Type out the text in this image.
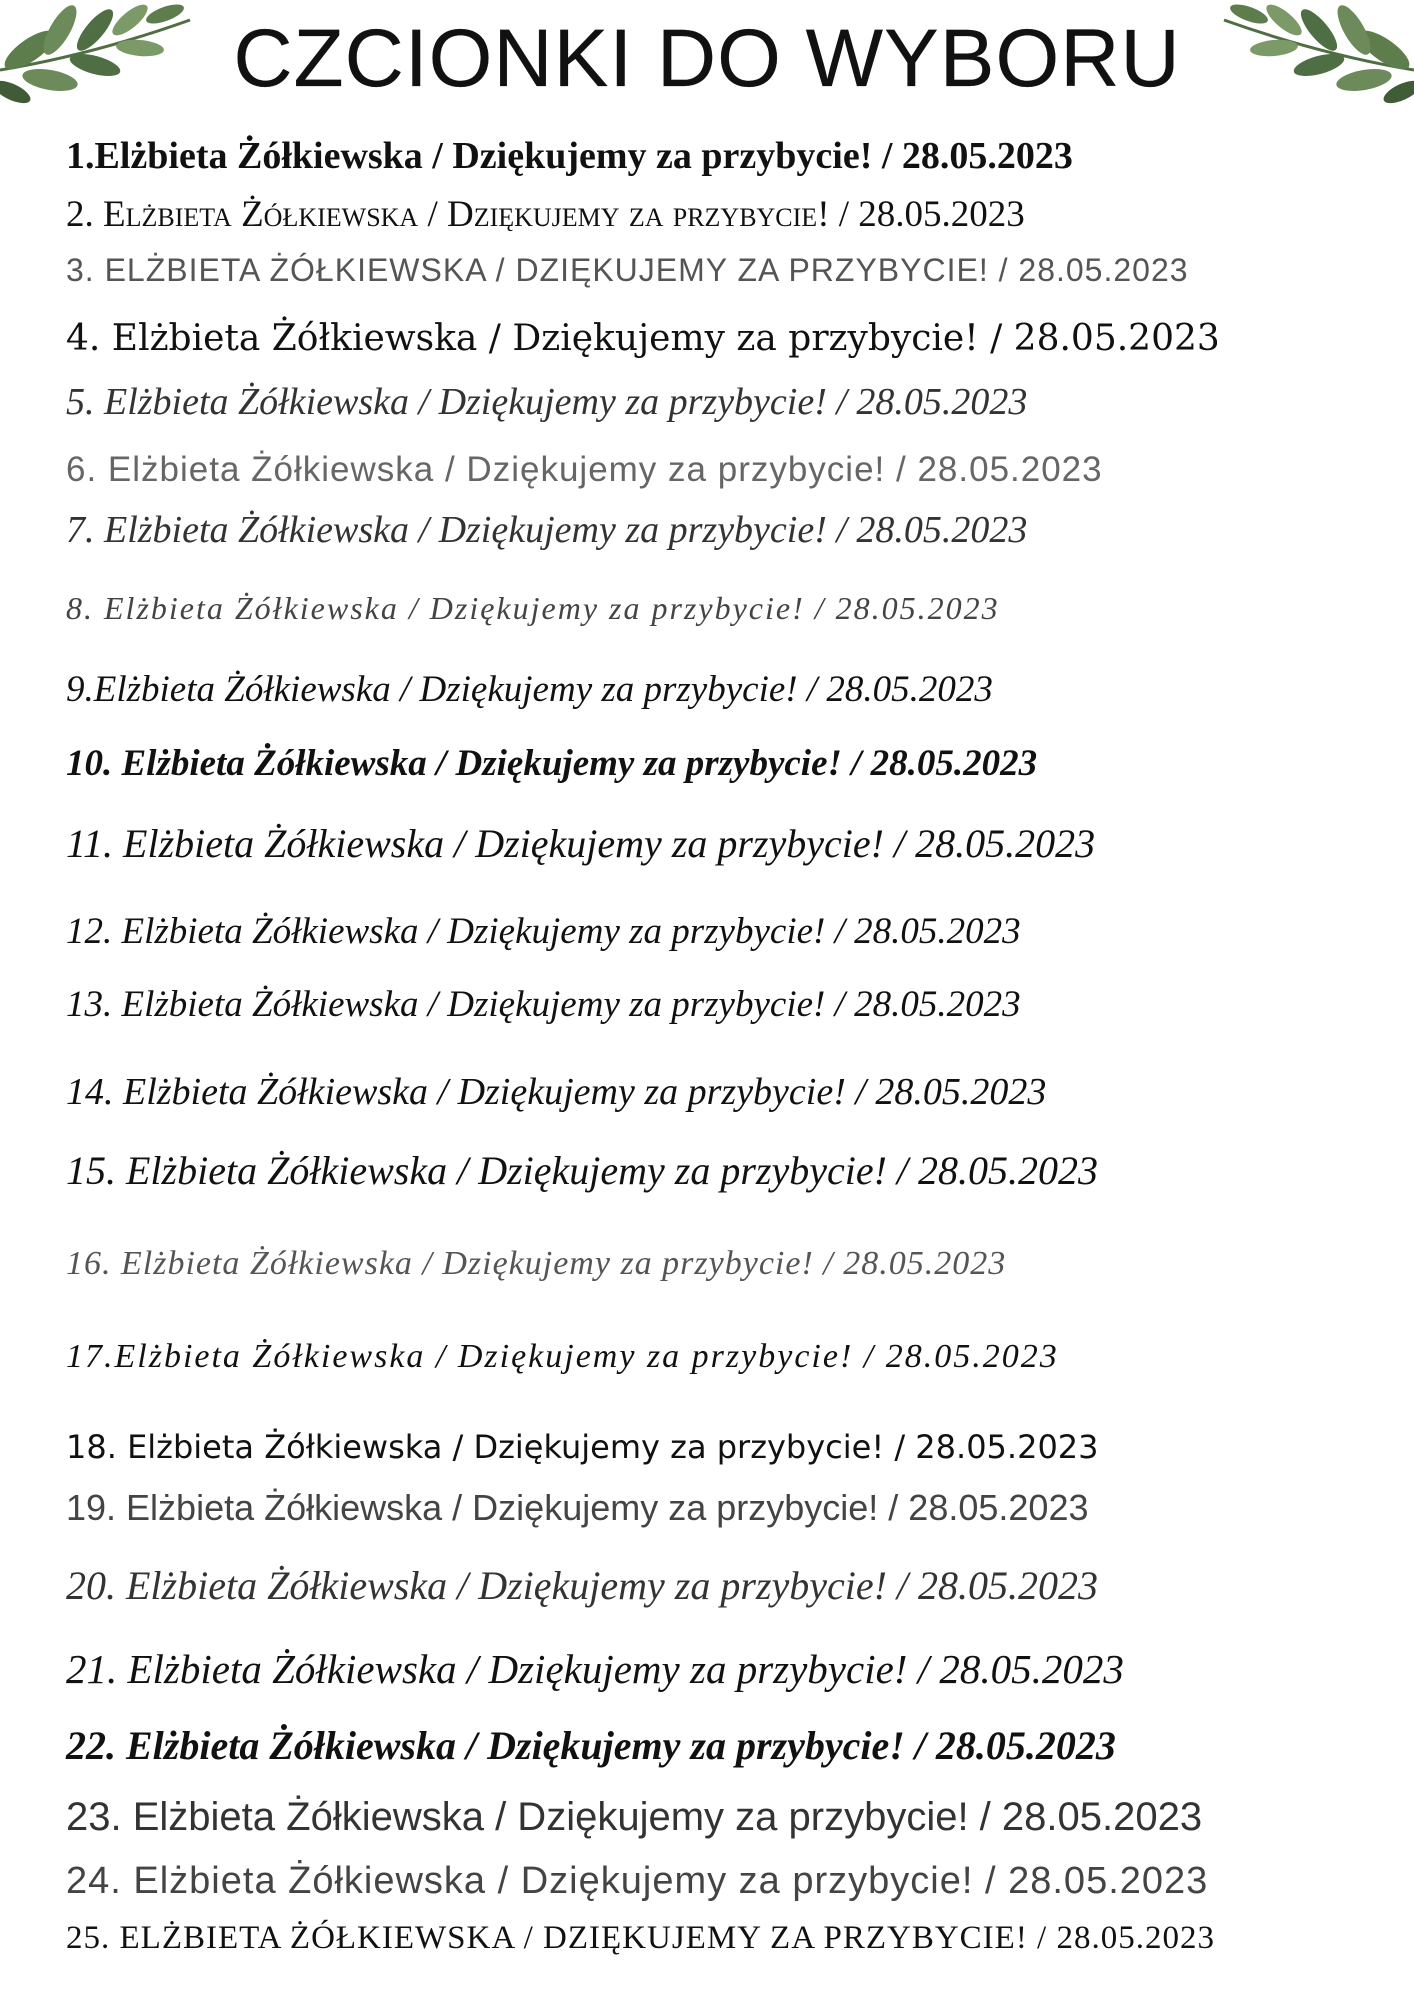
CZCIONKI DO WYBORU
1.Elżbieta Żółkiewska / Dziękujemy za przybycie! / 28.05.2023
2. Elżbieta Żółkiewska / Dziękujemy za przybycie! / 28.05.2023
3. ELŻBIETA ŻÓŁKIEWSKA / DZIĘKUJEMY ZA PRZYBYCIE! / 28.05.2023
4. Elżbieta Żółkiewska / Dziękujemy za przybycie! / 28.05.2023
5. Elżbieta Żółkiewska / Dziękujemy za przybycie! / 28.05.2023
6. Elżbieta Żółkiewska / Dziękujemy za przybycie! / 28.05.2023
7. Elżbieta Żółkiewska / Dziękujemy za przybycie! / 28.05.2023
8. Elżbieta Żółkiewska / Dziękujemy za przybycie! / 28.05.2023
9.Elżbieta Żółkiewska / Dziękujemy za przybycie! / 28.05.2023
10. Elżbieta Żółkiewska / Dziękujemy za przybycie! / 28.05.2023
11. Elżbieta Żółkiewska / Dziękujemy za przybycie! / 28.05.2023
12. Elżbieta Żółkiewska / Dziękujemy za przybycie! / 28.05.2023
13. Elżbieta Żółkiewska / Dziękujemy za przybycie! / 28.05.2023
14. Elżbieta Żółkiewska / Dziękujemy za przybycie! / 28.05.2023
15. Elżbieta Żółkiewska / Dziękujemy za przybycie! / 28.05.2023
16. Elżbieta Żółkiewska / Dziękujemy za przybycie! / 28.05.2023
17.Elżbieta Żółkiewska / Dziękujemy za przybycie! / 28.05.2023
18. Elżbieta Żółkiewska / Dziękujemy za przybycie! / 28.05.2023
19. Elżbieta Żółkiewska / Dziękujemy za przybycie! / 28.05.2023
20. Elżbieta Żółkiewska / Dziękujemy za przybycie! / 28.05.2023
21. Elżbieta Żółkiewska / Dziękujemy za przybycie! / 28.05.2023
22. Elżbieta Żółkiewska / Dziękujemy za przybycie! / 28.05.2023
23. Elżbieta Żółkiewska / Dziękujemy za przybycie! / 28.05.2023
24. Elżbieta Żółkiewska / Dziękujemy za przybycie! / 28.05.2023
25. ELŻBIETA ŻÓŁKIEWSKA / DZIĘKUJEMY ZA PRZYBYCIE! / 28.05.2023
